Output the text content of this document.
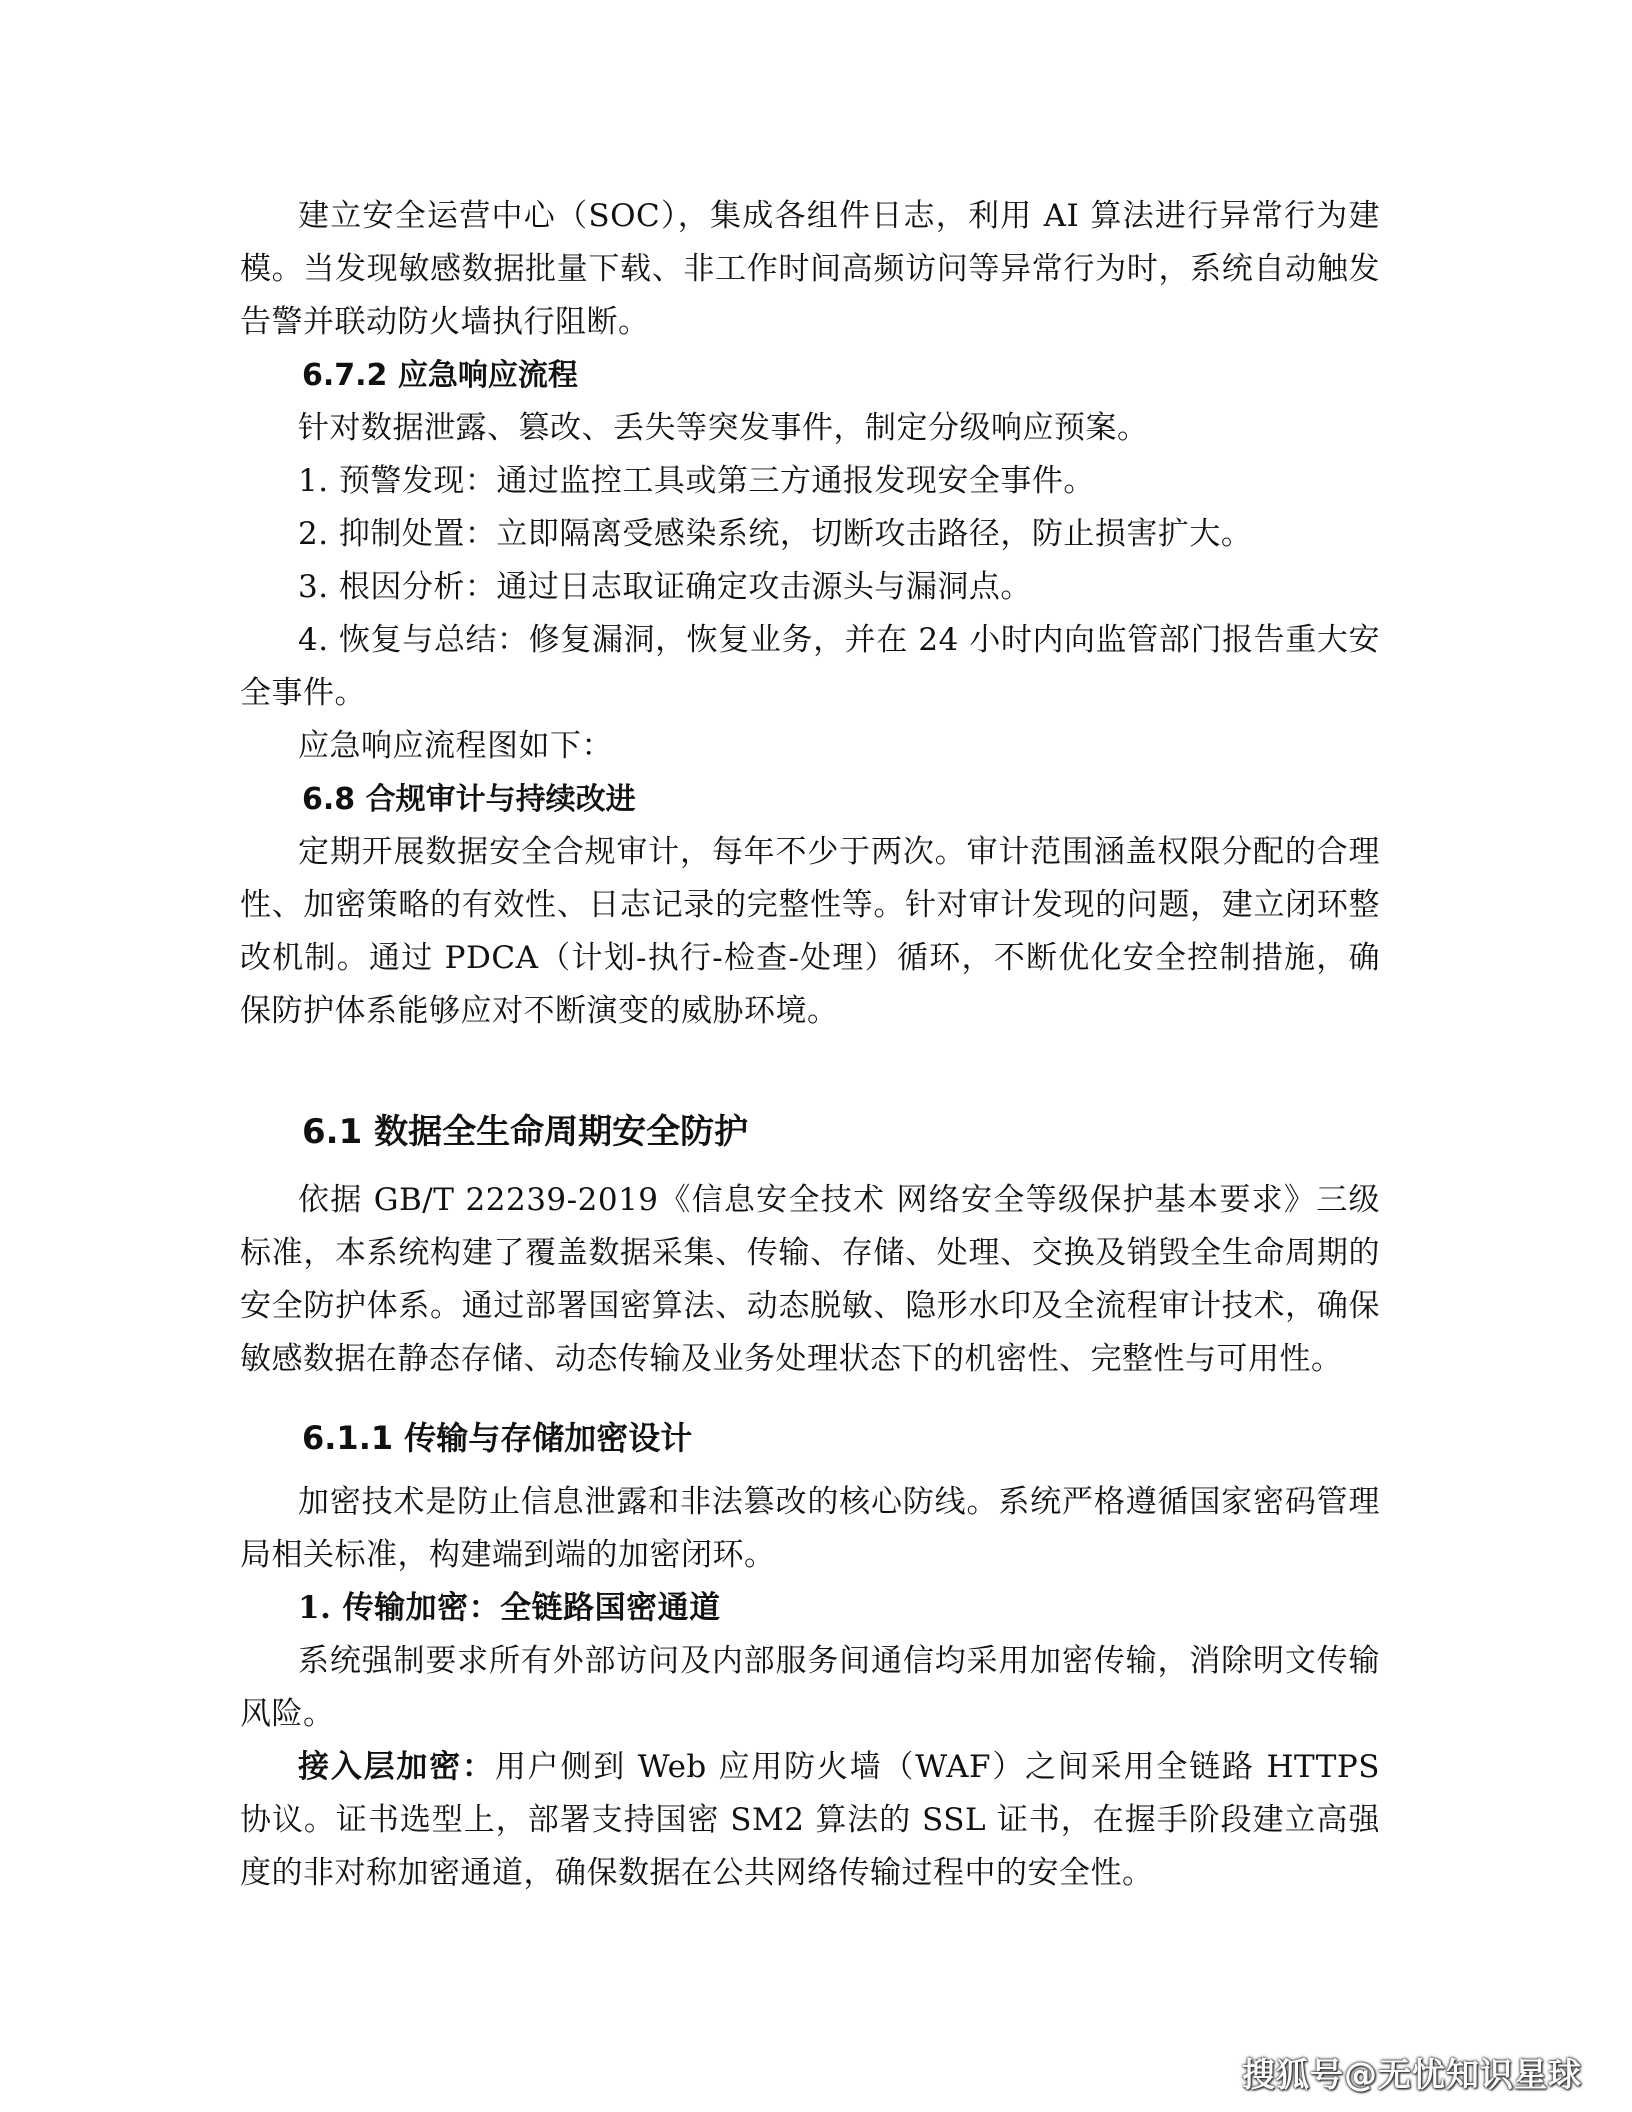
建立安全运营中心（SOC），集成各组件日志，利用 AI 算法进行异常行为建模。当发现敏感数据批量下载、非工作时间高频访问等异常行为时，系统自动触发告警并联动防火墙执行阻断。

6.7.2 应急响应流程

针对数据泄露、篡改、丢失等突发事件，制定分级响应预案。

1. 预警发现：通过监控工具或第三方通报发现安全事件。

2. 抑制处置：立即隔离受感染系统，切断攻击路径，防止损害扩大。

3. 根因分析：通过日志取证确定攻击源头与漏洞点。

4. 恢复与总结：修复漏洞，恢复业务，并在 24 小时内向监管部门报告重大安全事件。

应急响应流程图如下：

6.8 合规审计与持续改进

定期开展数据安全合规审计，每年不少于两次。审计范围涵盖权限分配的合理性、加密策略的有效性、日志记录的完整性等。针对审计发现的问题，建立闭环整改机制。通过 PDCA（计划-执行-检查-处理）循环，不断优化安全控制措施，确保防护体系能够应对不断演变的威胁环境。

6.1 数据全生命周期安全防护

依据 GB/T 22239-2019《信息安全技术 网络安全等级保护基本要求》三级标准，本系统构建了覆盖数据采集、传输、存储、处理、交换及销毁全生命周期的安全防护体系。通过部署国密算法、动态脱敏、隐形水印及全流程审计技术，确保敏感数据在静态存储、动态传输及业务处理状态下的机密性、完整性与可用性。

6.1.1 传输与存储加密设计

加密技术是防止信息泄露和非法篡改的核心防线。系统严格遵循国家密码管理局相关标准，构建端到端的加密闭环。

1. 传输加密：全链路国密通道

系统强制要求所有外部访问及内部服务间通信均采用加密传输，消除明文传输风险。

接入层加密：用户侧到 Web 应用防火墙（WAF）之间采用全链路 HTTPS 协议。证书选型上，部署支持国密 SM2 算法的 SSL 证书，在握手阶段建立高强度的非对称加密通道，确保数据在公共网络传输过程中的安全性。

搜狐号@无忧知识星球
